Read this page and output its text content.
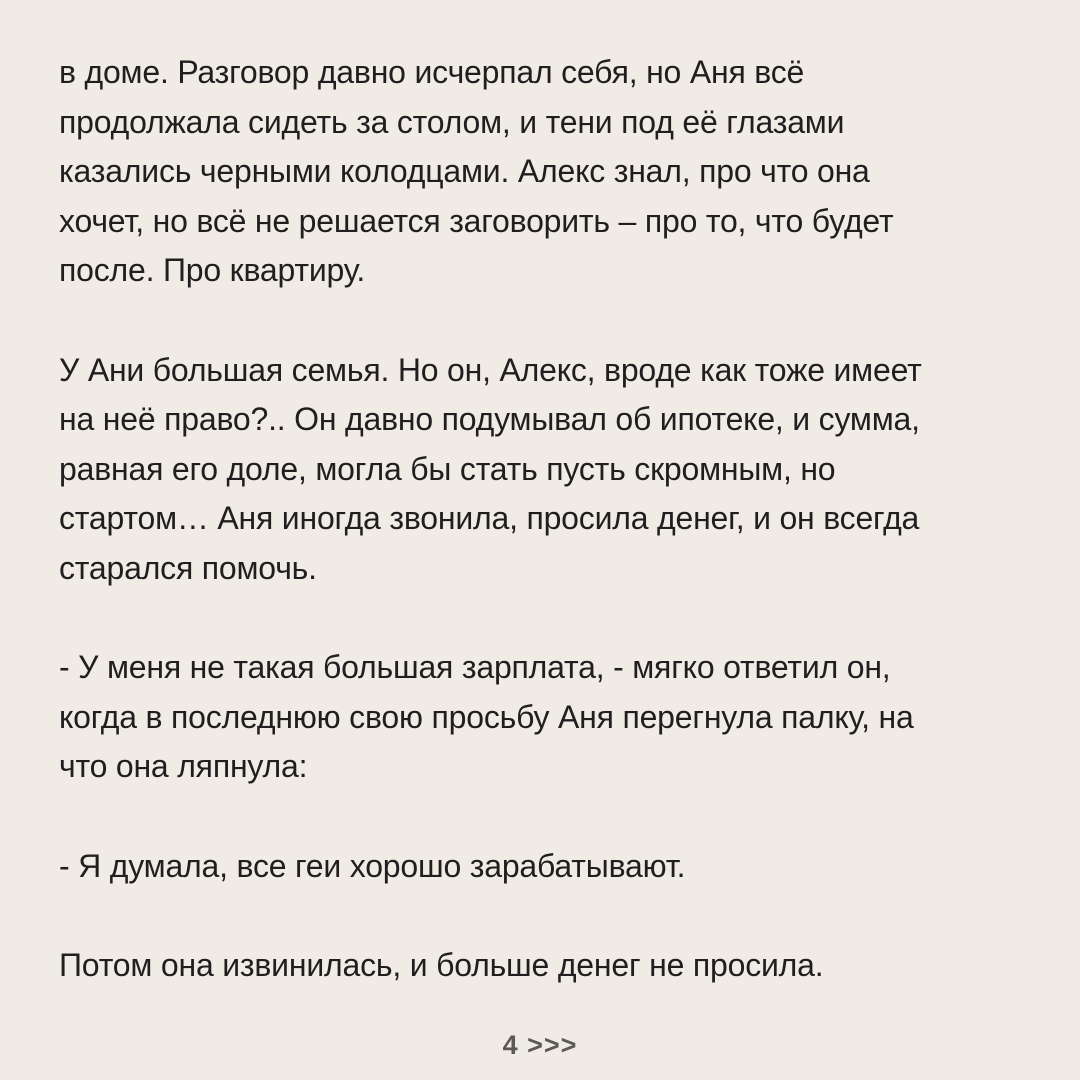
в доме. Разговор давно исчерпал себя, но Аня всё
продолжала сидеть за столом, и тени под её глазами
казались черными колодцами. Алекс знал, про что она
хочет, но всё не решается заговорить – про то, что будет
после. Про квартиру.

У Ани большая семья. Но он, Алекс, вроде как тоже имеет
на неё право?.. Он давно подумывал об ипотеке, и сумма,
равная его доле, могла бы стать пусть скромным, но
стартом… Аня иногда звонила, просила денег, и он всегда
старался помочь.

- У меня не такая большая зарплата, - мягко ответил он,
когда в последнюю свою просьбу Аня перегнула палку, на
что она ляпнула:

- Я думала, все геи хорошо зарабатывают.

Потом она извинилась, и больше денег не просила.

4 >>>
